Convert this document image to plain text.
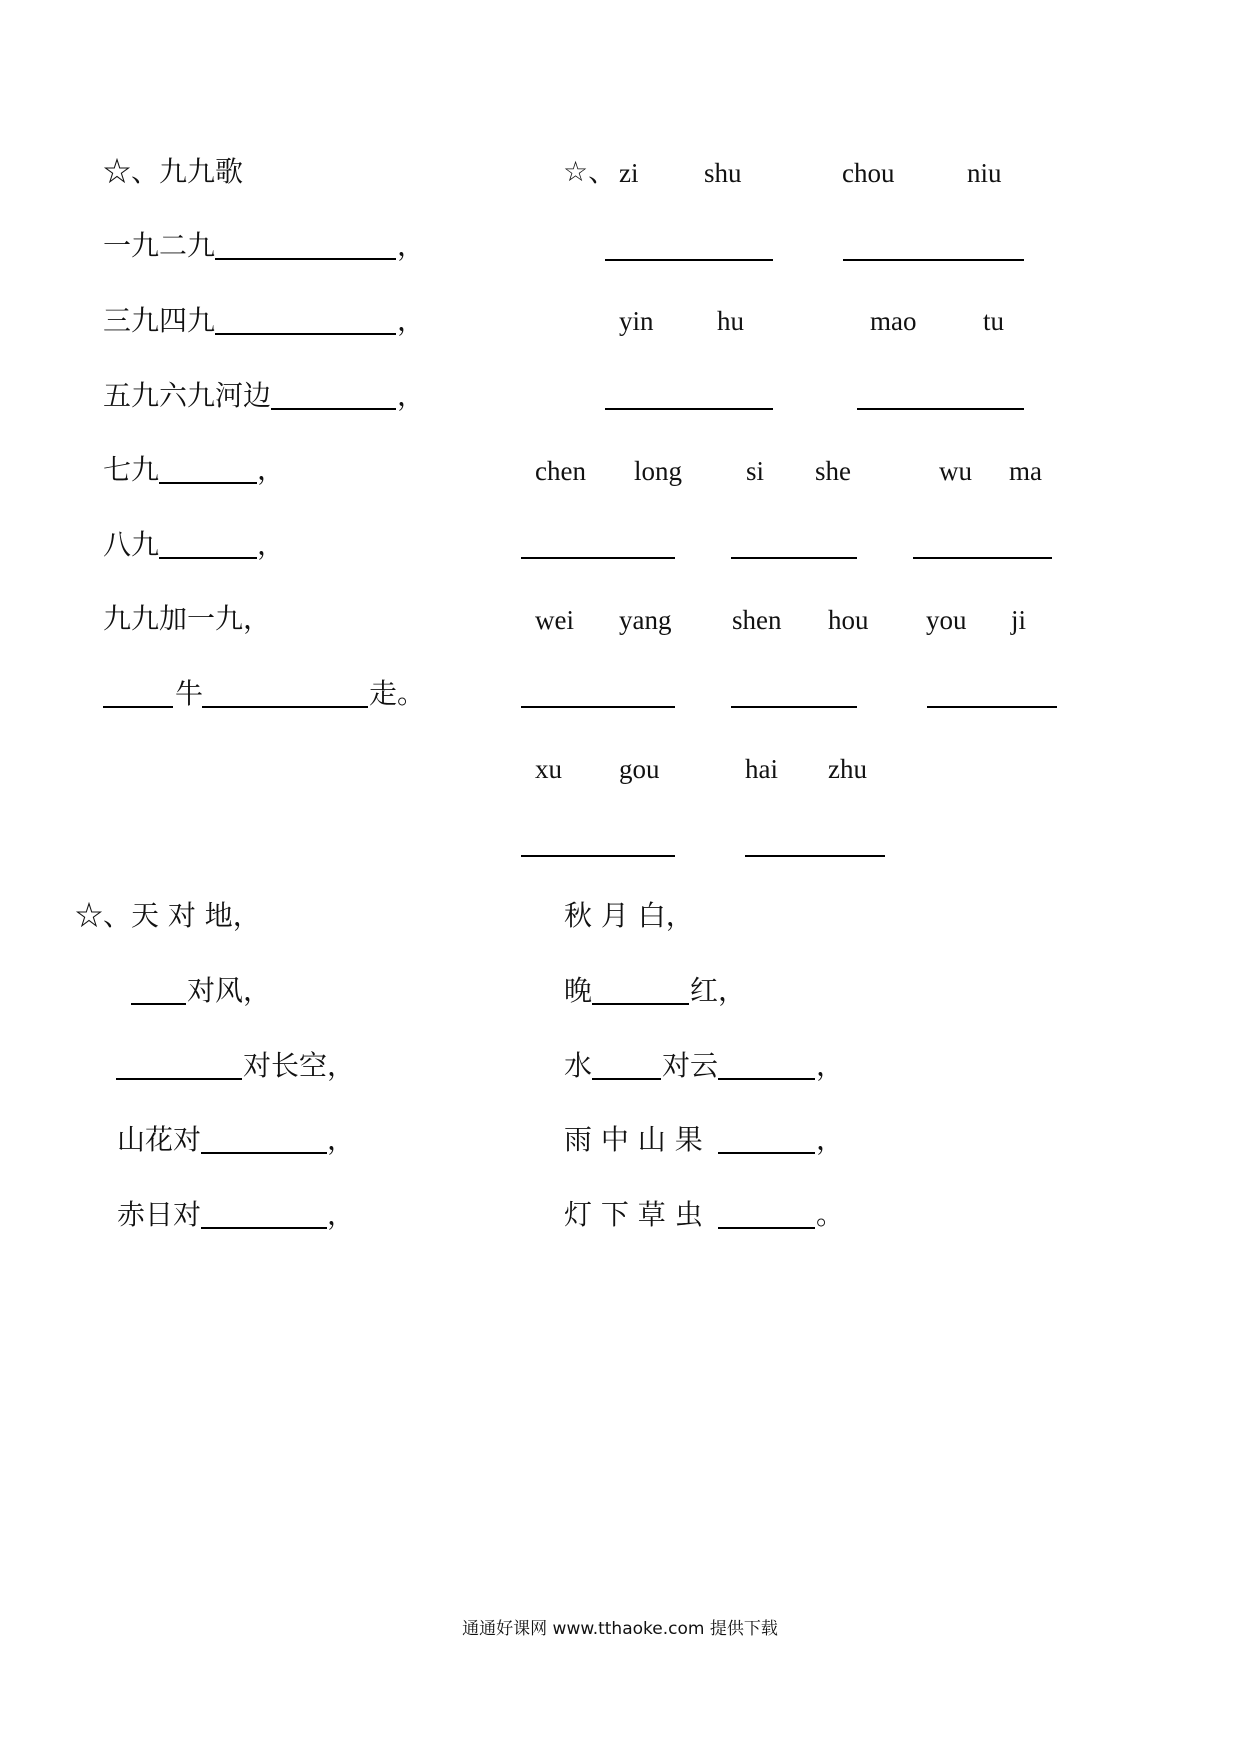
☆、九九歌
一九二九	，
三九四九	，
五九六九河边	，
七九	，
八九	，
九九加一九，
牛	走。
☆、 zi shu	chou	niu
yin hu	mao tu
chen long si she	wu ma
wei yang shen hou you ji
xu gou	hai zhu
☆、天 对 地，
对风，
对长空，
山花对	，
赤日对	，
秋 月 白，
晚	红，
水 对云	，
雨 中 山 果	，
灯 下 草 虫	。
通通好课网 www.tthaoke.com 提供下载
